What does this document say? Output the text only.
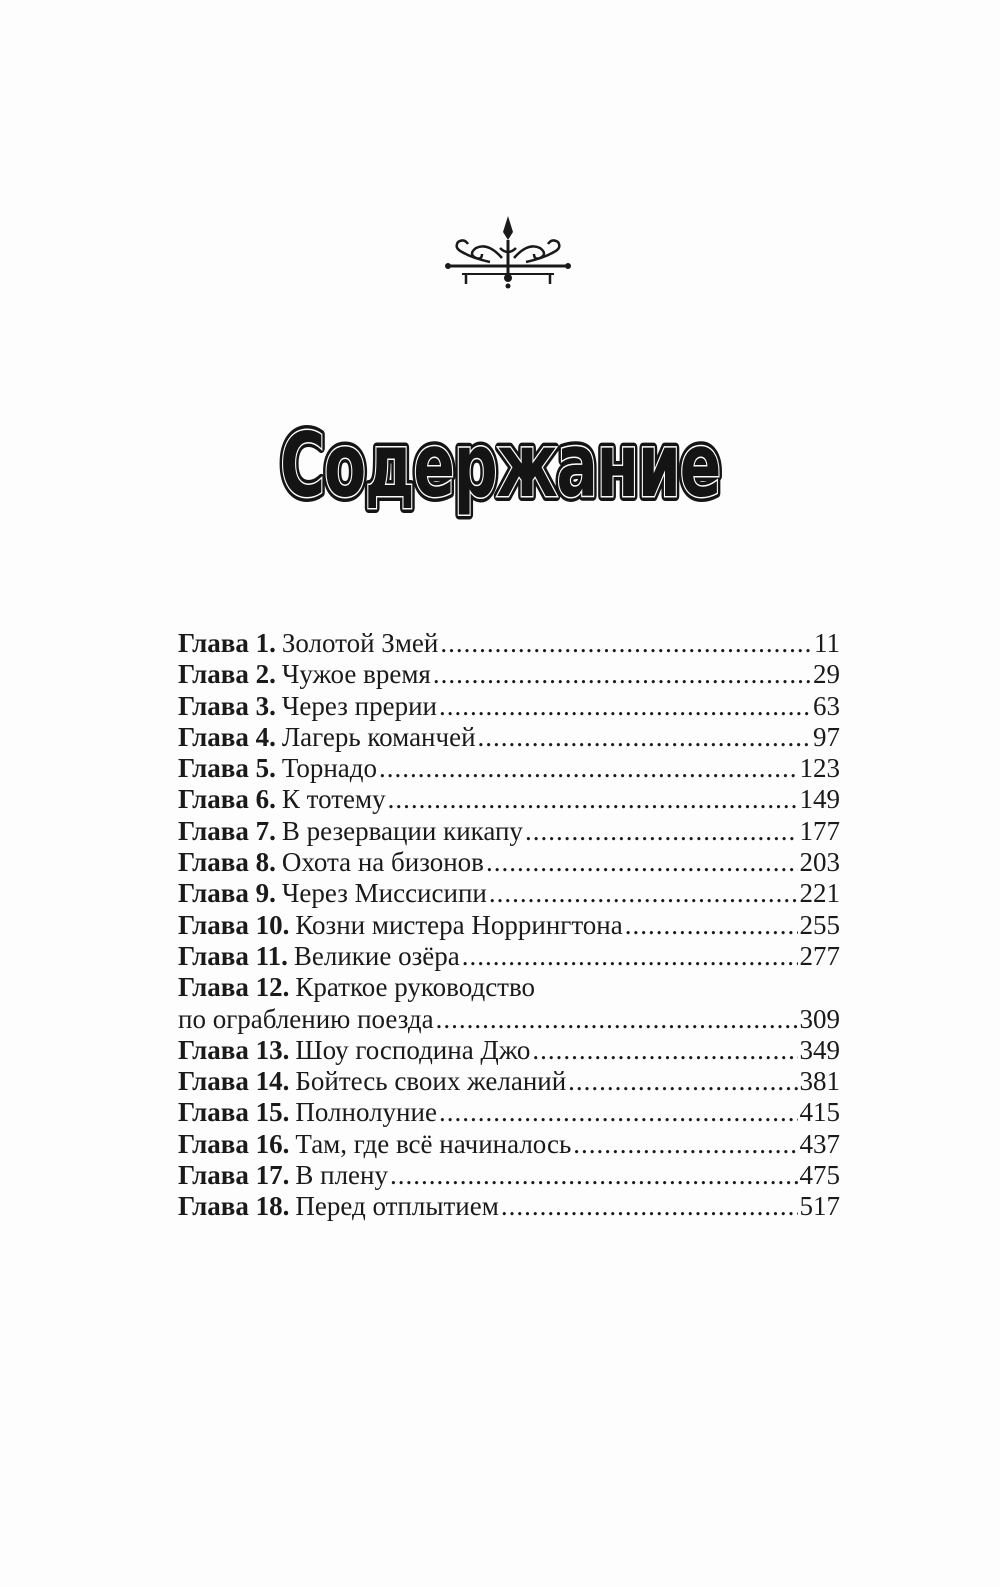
Содержание
Содержание
Содержание
Глава 1. Золотой Змей .....	11
Глава 2. Чужое время .....	29
Глава 3. Через прерии .....	63
Глава 4. Лагерь команчей .....	97
Глава 5. Торнадо .....	123
Глава 6. К тотему .....	149
Глава 7. В резервации кикапу .....	177
Глава 8. Охота на бизонов .....	203
Глава 9. Через Миссисипи .....	221
Глава 10. Козни мистера Норрингтона .....	255
Глава 11. Великие озёра .....	277
Глава 12. Краткое руководство
по ограблению поезда .....	309
Глава 13. Шоу господина Джо .....	349
Глава 14. Бойтесь своих желаний .....	381
Глава 15. Полнолуние .....	415
Глава 16. Там, где всё начиналось .....	437
Глава 17. В плену .....	475
Глава 18. Перед отплытием .....	517
